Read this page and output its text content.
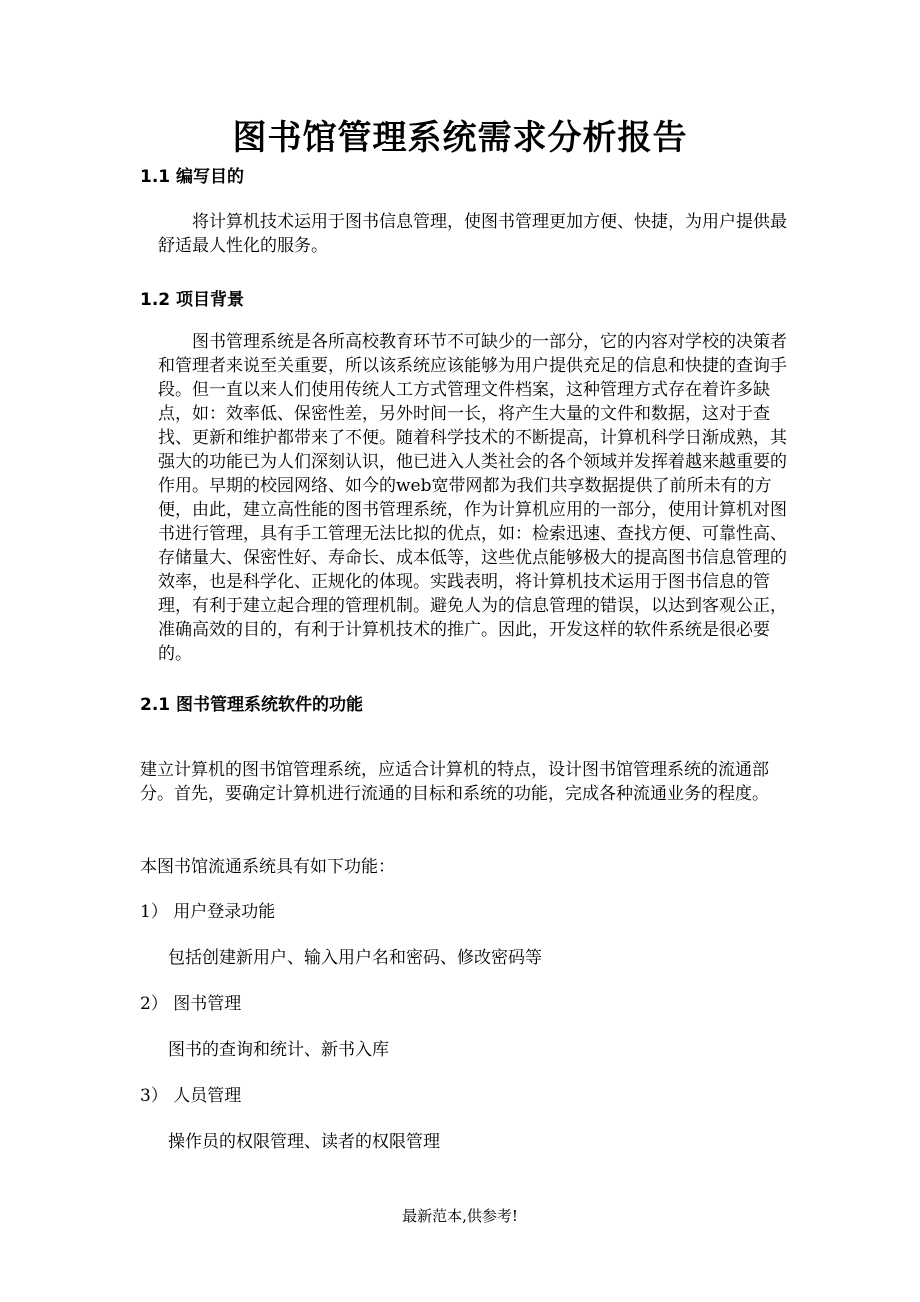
图书馆管理系统需求分析报告
1.1 编写目的
将计算机技术运用于图书信息管理，使图书管理更加方便、快捷，为用户提供最舒适最人性化的服务。
1.2 项目背景
图书管理系统是各所高校教育环节不可缺少的一部分，它的内容对学校的决策者和管理者来说至关重要，所以该系统应该能够为用户提供充足的信息和快捷的查询手段。但一直以来人们使用传统人工方式管理文件档案，这种管理方式存在着许多缺点，如：效率低、保密性差，另外时间一长，将产生大量的文件和数据，这对于查找、更新和维护都带来了不便。随着科学技术的不断提高，计算机科学日渐成熟，其强大的功能已为人们深刻认识，他已进入人类社会的各个领域并发挥着越来越重要的作用。早期的校园网络、如今的web宽带网都为我们共享数据提供了前所未有的方便，由此，建立高性能的图书管理系统，作为计算机应用的一部分，使用计算机对图书进行管理，具有手工管理无法比拟的优点，如：检索迅速、查找方便、可靠性高、存储量大、保密性好、寿命长、成本低等，这些优点能够极大的提高图书信息管理的效率，也是科学化、正规化的体现。实践表明，将计算机技术运用于图书信息的管理，有利于建立起合理的管理机制。避免人为的信息管理的错误，以达到客观公正，准确高效的目的，有利于计算机技术的推广。因此，开发这样的软件系统是很必要的。
2.1 图书管理系统软件的功能
建立计算机的图书馆管理系统，应适合计算机的特点，设计图书馆管理系统的流通部分。首先，要确定计算机进行流通的目标和系统的功能，完成各种流通业务的程度。
本图书馆流通系统具有如下功能：
1） 用户登录功能
包括创建新用户、输入用户名和密码、修改密码等
2） 图书管理
图书的查询和统计、新书入库
3） 人员管理
操作员的权限管理、读者的权限管理
最新范本,供参考!
